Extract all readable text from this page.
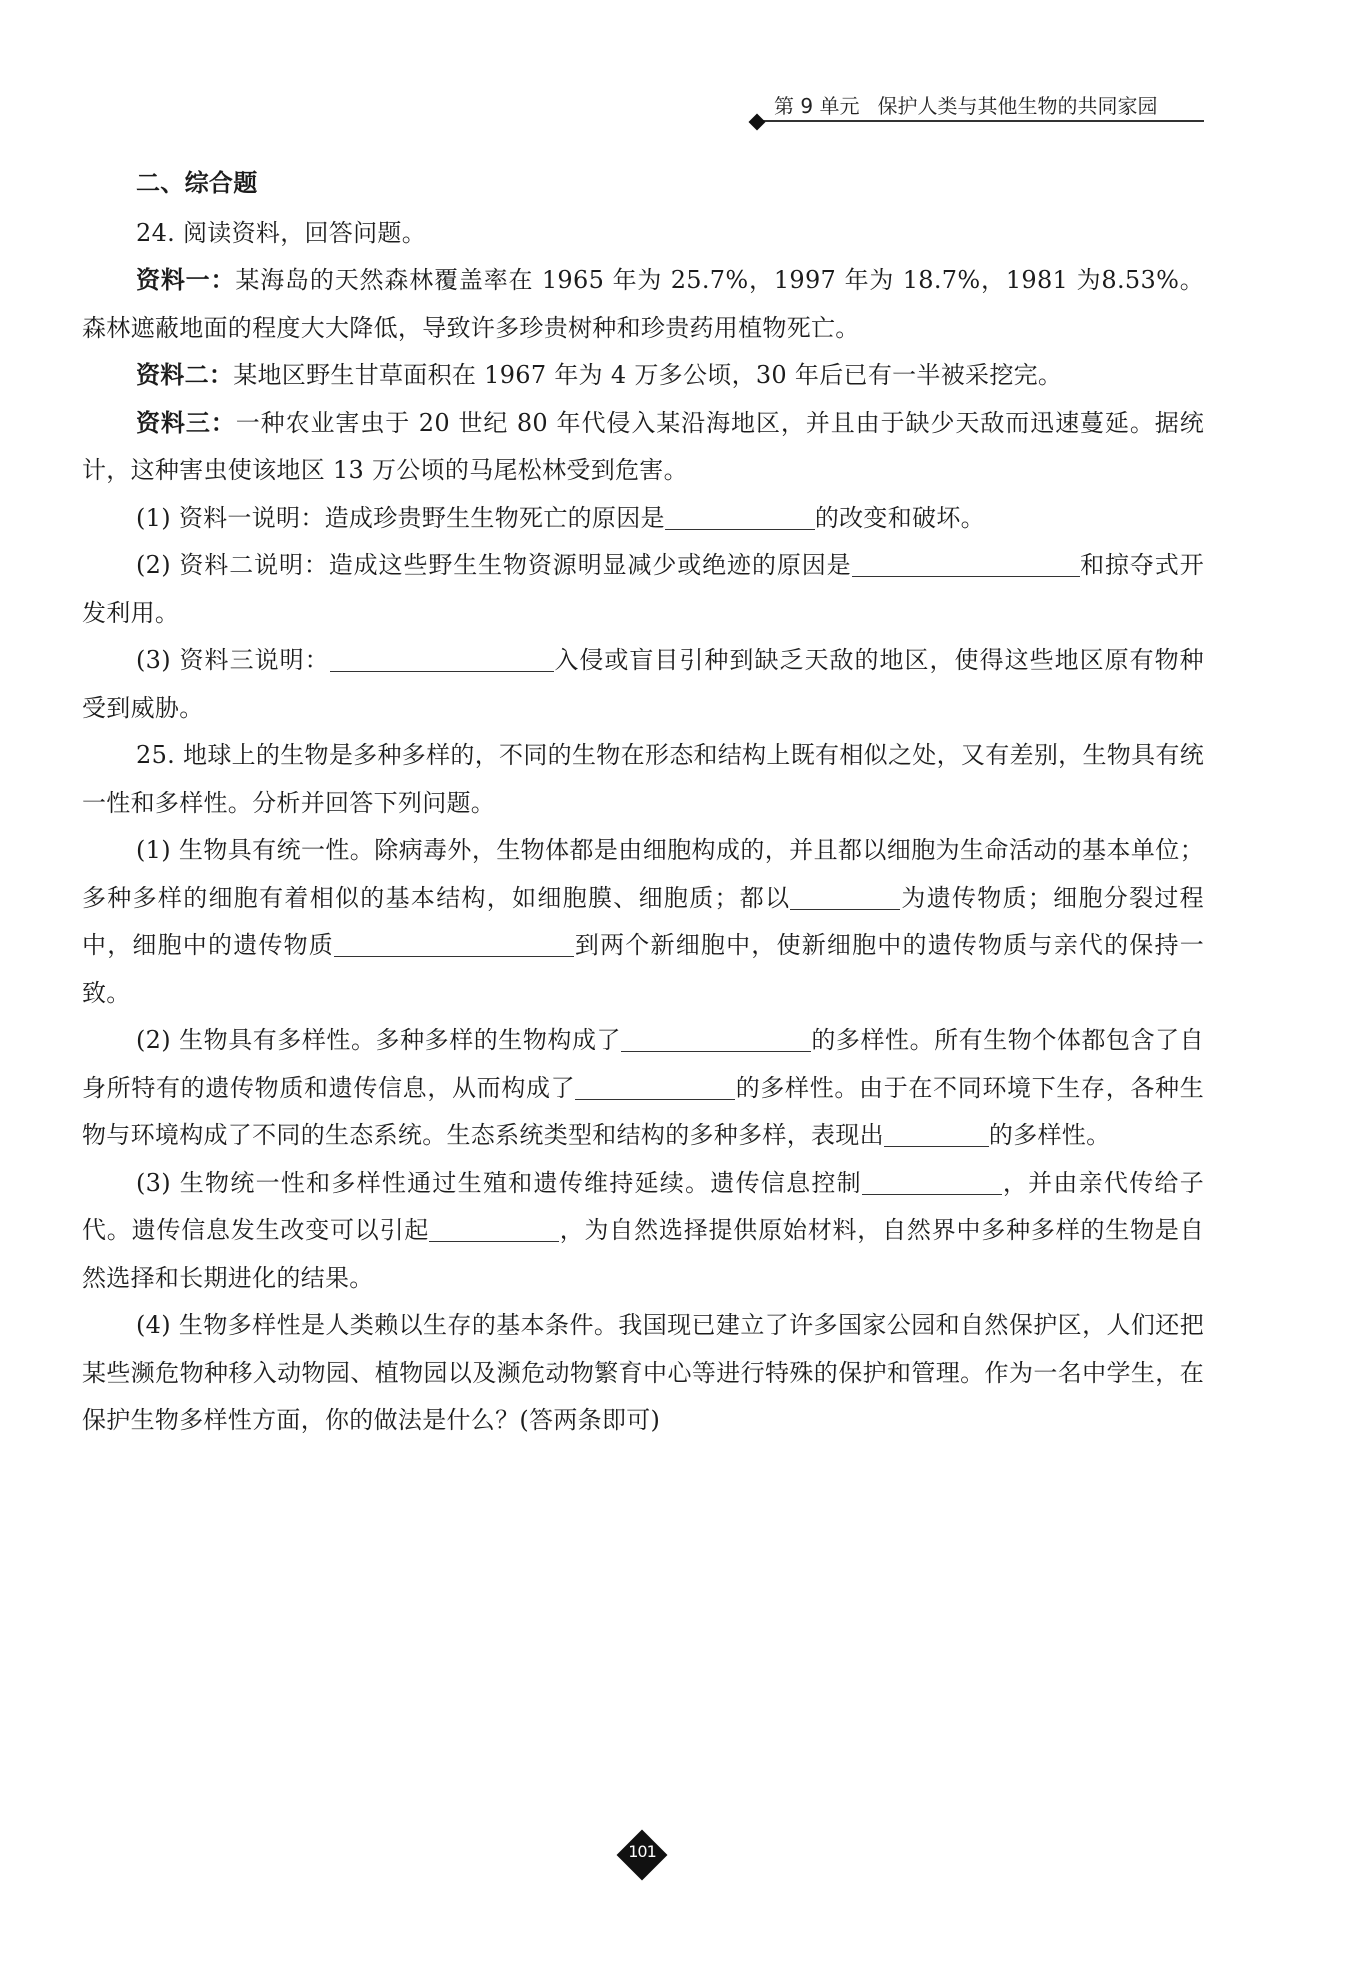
第 9 单元 保护人类与其他生物的共同家园

二、综合题

24. 阅读资料，回答问题。

资料一：某海岛的天然森林覆盖率在 1965 年为 25.7%，1997 年为 18.7%，1981 为8.53%。森林遮蔽地面的程度大大降低，导致许多珍贵树种和珍贵药用植物死亡。

资料二：某地区野生甘草面积在 1967 年为 4 万多公顷，30 年后已有一半被采挖完。

资料三：一种农业害虫于 20 世纪 80 年代侵入某沿海地区，并且由于缺少天敌而迅速蔓延。据统计，这种害虫使该地区 13 万公顷的马尾松林受到危害。

(1) 资料一说明：造成珍贵野生生物死亡的原因是	的改变和破坏。

(2) 资料二说明：造成这些野生生物资源明显减少或绝迹的原因是	和掠夺式开发利用。

(3) 资料三说明：	入侵或盲目引种到缺乏天敌的地区，使得这些地区原有物种受到威胁。

25. 地球上的生物是多种多样的，不同的生物在形态和结构上既有相似之处，又有差别，生物具有统一性和多样性。分析并回答下列问题。

(1) 生物具有统一性。除病毒外，生物体都是由细胞构成的，并且都以细胞为生命活动的基本单位；多种多样的细胞有着相似的基本结构，如细胞膜、细胞质；都以	为遗传物质；细胞分裂过程中，细胞中的遗传物质	到两个新细胞中，使新细胞中的遗传物质与亲代的保持一致。

(2) 生物具有多样性。多种多样的生物构成了	的多样性。所有生物个体都包含了自身所特有的遗传物质和遗传信息，从而构成了	的多样性。由于在不同环境下生存，各种生物与环境构成了不同的生态系统。生态系统类型和结构的多种多样，表现出	的多样性。

(3) 生物统一性和多样性通过生殖和遗传维持延续。遗传信息控制	，并由亲代传给子代。遗传信息发生改变可以引起	，为自然选择提供原始材料，自然界中多种多样的生物是自然选择和长期进化的结果。

(4) 生物多样性是人类赖以生存的基本条件。我国现已建立了许多国家公园和自然保护区，人们还把某些濒危物种移入动物园、植物园以及濒危动物繁育中心等进行特殊的保护和管理。作为一名中学生，在保护生物多样性方面，你的做法是什么？(答两条即可)

101
